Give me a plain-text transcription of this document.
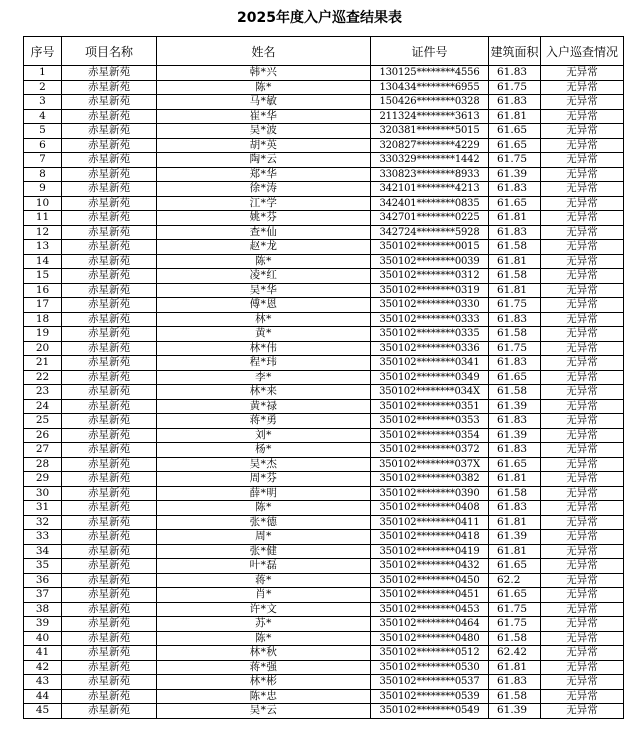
2025年度入户巡查结果表
序号	项目名称	姓名	证件号	建筑面积	入户巡查情况
1	赤星新苑	韩*兴	130125********4556	61.83	无异常
2	赤星新苑	陈*	130434********6955	61.75	无异常
3	赤星新苑	马*敏	150426********0328	61.83	无异常
4	赤星新苑	崔*华	211324********3613	61.81	无异常
5	赤星新苑	吴*波	320381********5015	61.65	无异常
6	赤星新苑	胡*英	320827********4229	61.65	无异常
7	赤星新苑	陶*云	330329********1442	61.75	无异常
8	赤星新苑	郑*华	330823********8933	61.39	无异常
9	赤星新苑	徐*涛	342101********4213	61.83	无异常
10	赤星新苑	江*学	342401********0835	61.65	无异常
11	赤星新苑	姚*芬	342701********0225	61.81	无异常
12	赤星新苑	查*仙	342724********5928	61.83	无异常
13	赤星新苑	赵*龙	350102********0015	61.58	无异常
14	赤星新苑	陈*	350102********0039	61.81	无异常
15	赤星新苑	凌*红	350102********0312	61.58	无异常
16	赤星新苑	吴*华	350102********0319	61.81	无异常
17	赤星新苑	傅*恩	350102********0330	61.75	无异常
18	赤星新苑	林*	350102********0333	61.83	无异常
19	赤星新苑	黄*	350102********0335	61.58	无异常
20	赤星新苑	林*伟	350102********0336	61.75	无异常
21	赤星新苑	程*玮	350102********0341	61.83	无异常
22	赤星新苑	李*	350102********0349	61.65	无异常
23	赤星新苑	林*来	350102********034X	61.58	无异常
24	赤星新苑	黄*禄	350102********0351	61.39	无异常
25	赤星新苑	蒋*勇	350102********0353	61.83	无异常
26	赤星新苑	刘*	350102********0354	61.39	无异常
27	赤星新苑	杨*	350102********0372	61.83	无异常
28	赤星新苑	吴*杰	350102********037X	61.65	无异常
29	赤星新苑	周*芬	350102********0382	61.81	无异常
30	赤星新苑	薛*明	350102********0390	61.58	无异常
31	赤星新苑	陈*	350102********0408	61.83	无异常
32	赤星新苑	张*德	350102********0411	61.81	无异常
33	赤星新苑	周*	350102********0418	61.39	无异常
34	赤星新苑	张*健	350102********0419	61.81	无异常
35	赤星新苑	叶*磊	350102********0432	61.65	无异常
36	赤星新苑	蒋*	350102********0450	62.2	无异常
37	赤星新苑	肖*	350102********0451	61.65	无异常
38	赤星新苑	许*文	350102********0453	61.75	无异常
39	赤星新苑	苏*	350102********0464	61.75	无异常
40	赤星新苑	陈*	350102********0480	61.58	无异常
41	赤星新苑	林*秋	350102********0512	62.42	无异常
42	赤星新苑	蒋*强	350102********0530	61.81	无异常
43	赤星新苑	林*彬	350102********0537	61.83	无异常
44	赤星新苑	陈*忠	350102********0539	61.58	无异常
45	赤星新苑	吴*云	350102********0549	61.39	无异常
